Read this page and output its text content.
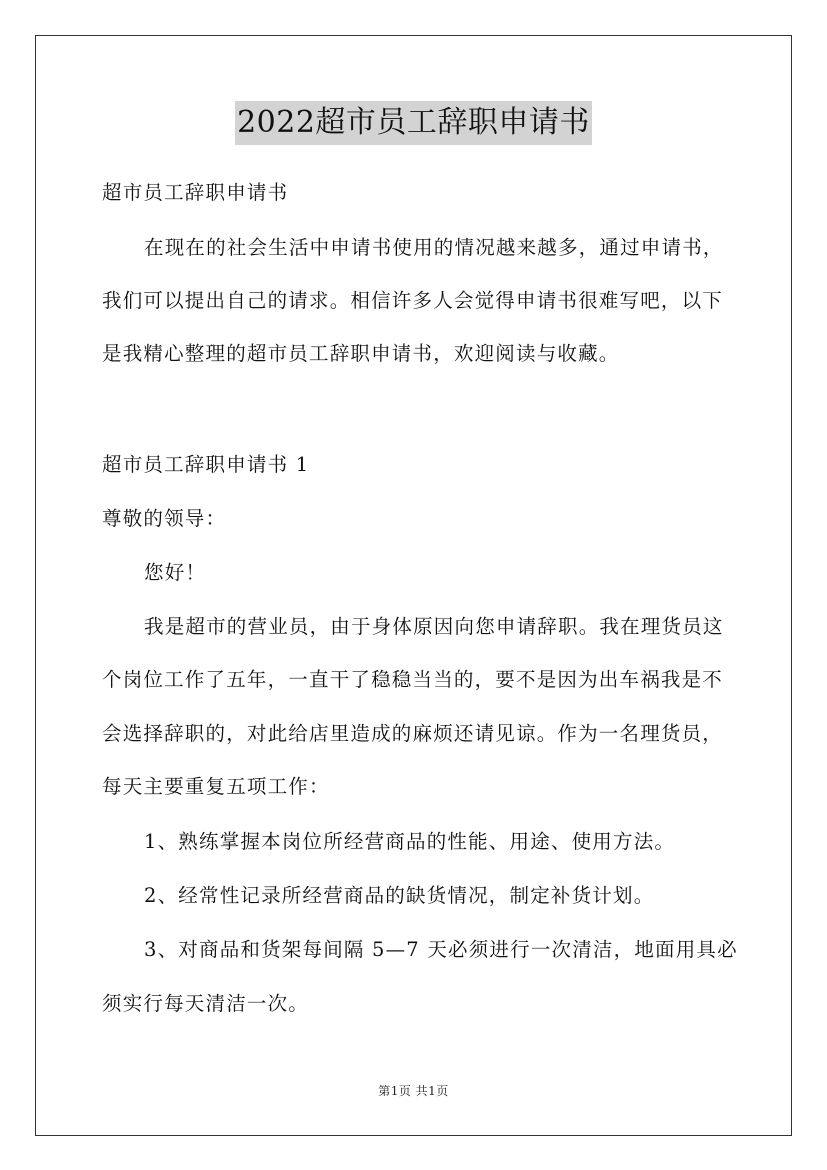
2022超市员工辞职申请书
超市员工辞职申请书
在现在的社会生活中申请书使用的情况越来越多，通过申请书，
我们可以提出自己的请求。相信许多人会觉得申请书很难写吧，以下
是我精心整理的超市员工辞职申请书，欢迎阅读与收藏。
超市员工辞职申请书 1
尊敬的领导：
您好！
我是超市的营业员，由于身体原因向您申请辞职。我在理货员这
个岗位工作了五年，一直干了稳稳当当的，要不是因为出车祸我是不
会选择辞职的，对此给店里造成的麻烦还请见谅。作为一名理货员，
每天主要重复五项工作：
1、熟练掌握本岗位所经营商品的性能、用途、使用方法。
2、经常性记录所经营商品的缺货情况，制定补货计划。
3、对商品和货架每间隔 5—7 天必须进行一次清洁，地面用具必
须实行每天清洁一次。
第1页 共1页
